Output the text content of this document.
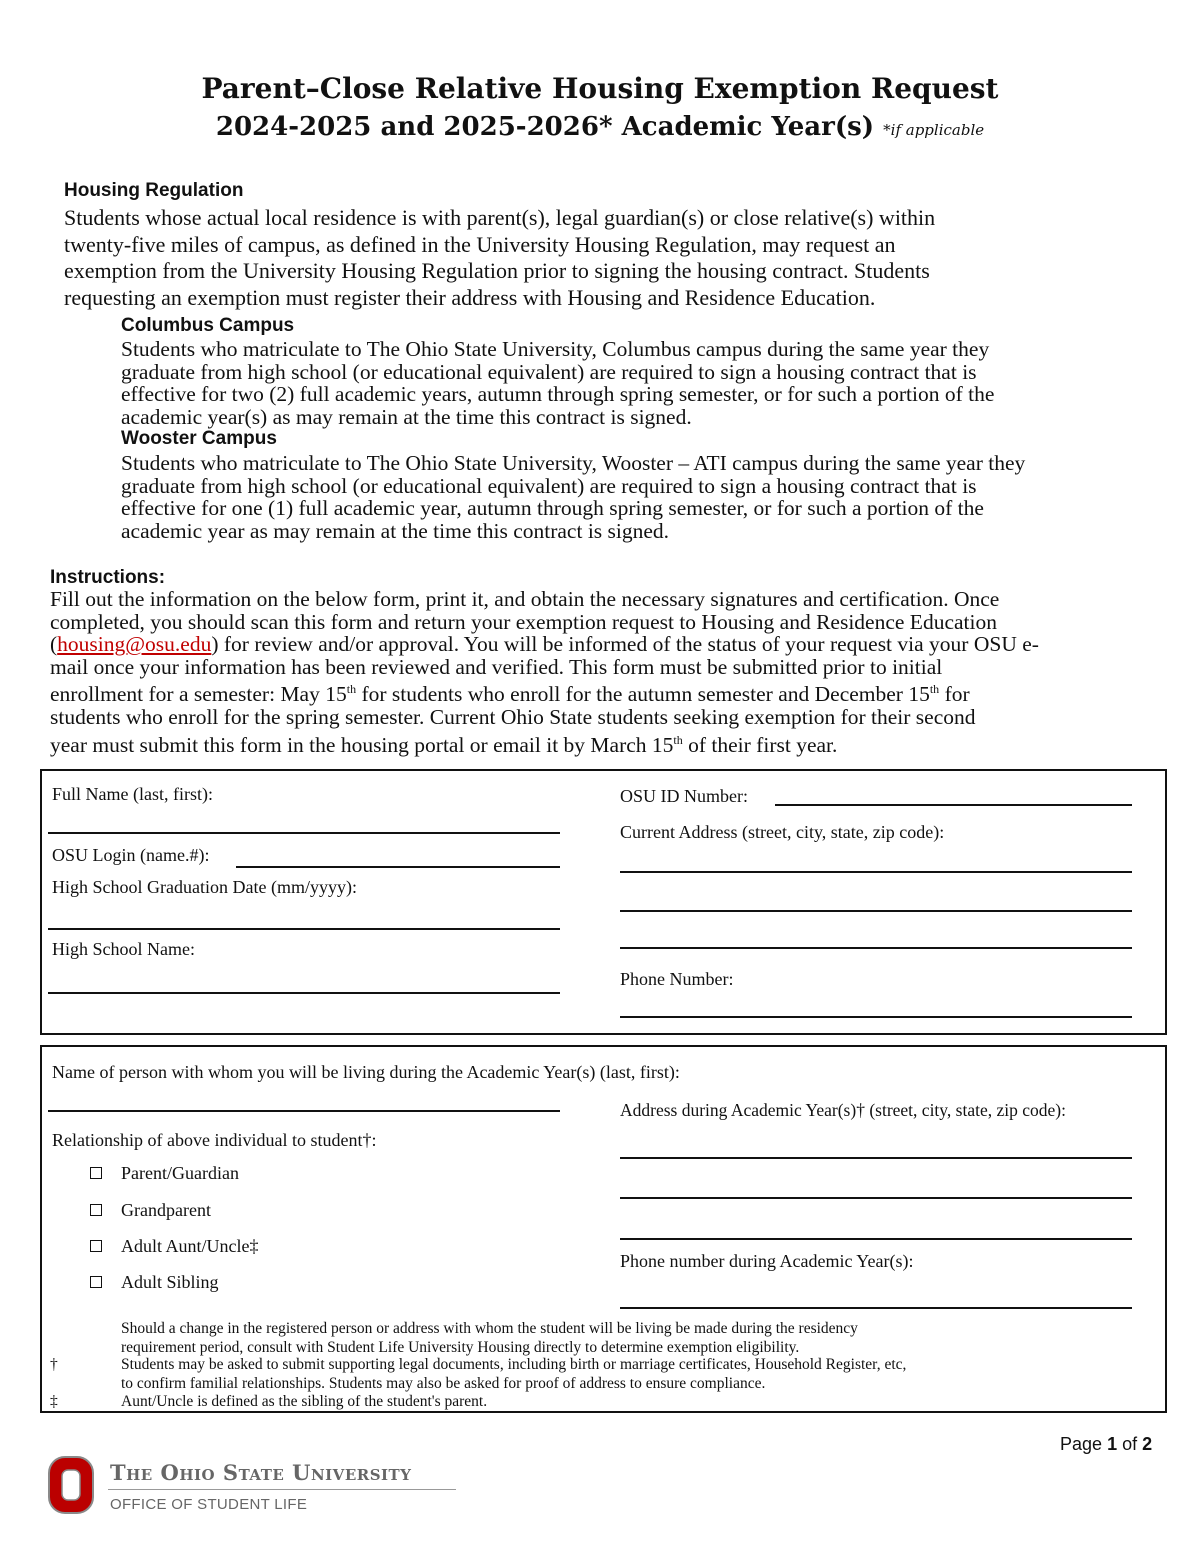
Parent–Close Relative Housing Exemption Request
2024-2025 and 2025-2026* Academic Year(s) *if applicable
Housing Regulation
Students whose actual local residence is with parent(s), legal guardian(s) or close relative(s) within
twenty-five miles of campus, as defined in the University Housing Regulation, may request an
exemption from the University Housing Regulation prior to signing the housing contract. Students
requesting an exemption must register their address with Housing and Residence Education.
Columbus Campus
Students who matriculate to The Ohio State University, Columbus campus during the same year they
graduate from high school (or educational equivalent) are required to sign a housing contract that is
effective for two (2) full academic years, autumn through spring semester, or for such a portion of the
academic year(s) as may remain at the time this contract is signed.
Wooster Campus
Students who matriculate to The Ohio State University, Wooster – ATI campus during the same year they
graduate from high school (or educational equivalent) are required to sign a housing contract that is
effective for one (1) full academic year, autumn through spring semester, or for such a portion of the
academic year as may remain at the time this contract is signed.
Instructions:
Fill out the information on the below form, print it, and obtain the necessary signatures and certification. Once
completed, you should scan this form and return your exemption request to Housing and Residence Education
(housing@osu.edu) for review and/or approval. You will be informed of the status of your request via your OSU e-
mail once your information has been reviewed and verified. This form must be submitted prior to initial
enrollment for a semester: May 15th for students who enroll for the autumn semester and December 15th for
students who enroll for the spring semester. Current Ohio State students seeking exemption for their second
year must submit this form in the housing portal or email it by March 15th of their first year.
Full Name (last, first):
OSU Login (name.#):
High School Graduation Date (mm/yyyy):
High School Name:
OSU ID Number:
Current Address (street, city, state, zip code):
Phone Number:
Name of person with whom you will be living during the Academic Year(s) (last, first):
Relationship of above individual to student†:
Parent/Guardian
Grandparent
Adult Aunt/Uncle‡
Adult Sibling
Address during Academic Year(s)† (street, city, state, zip code):
Phone number during Academic Year(s):
Should a change in the registered person or address with whom the student will be living be made during the residency
requirement period, consult with Student Life University Housing directly to determine exemption eligibility.
†	Students may be asked to submit supporting legal documents, including birth or marriage certificates, Household Register, etc,
to confirm familial relationships. Students may also be asked for proof of address to ensure compliance.
‡	Aunt/Uncle is defined as the sibling of the student's parent.
Page 1 of 2
The Ohio State University
OFFICE OF STUDENT LIFE
